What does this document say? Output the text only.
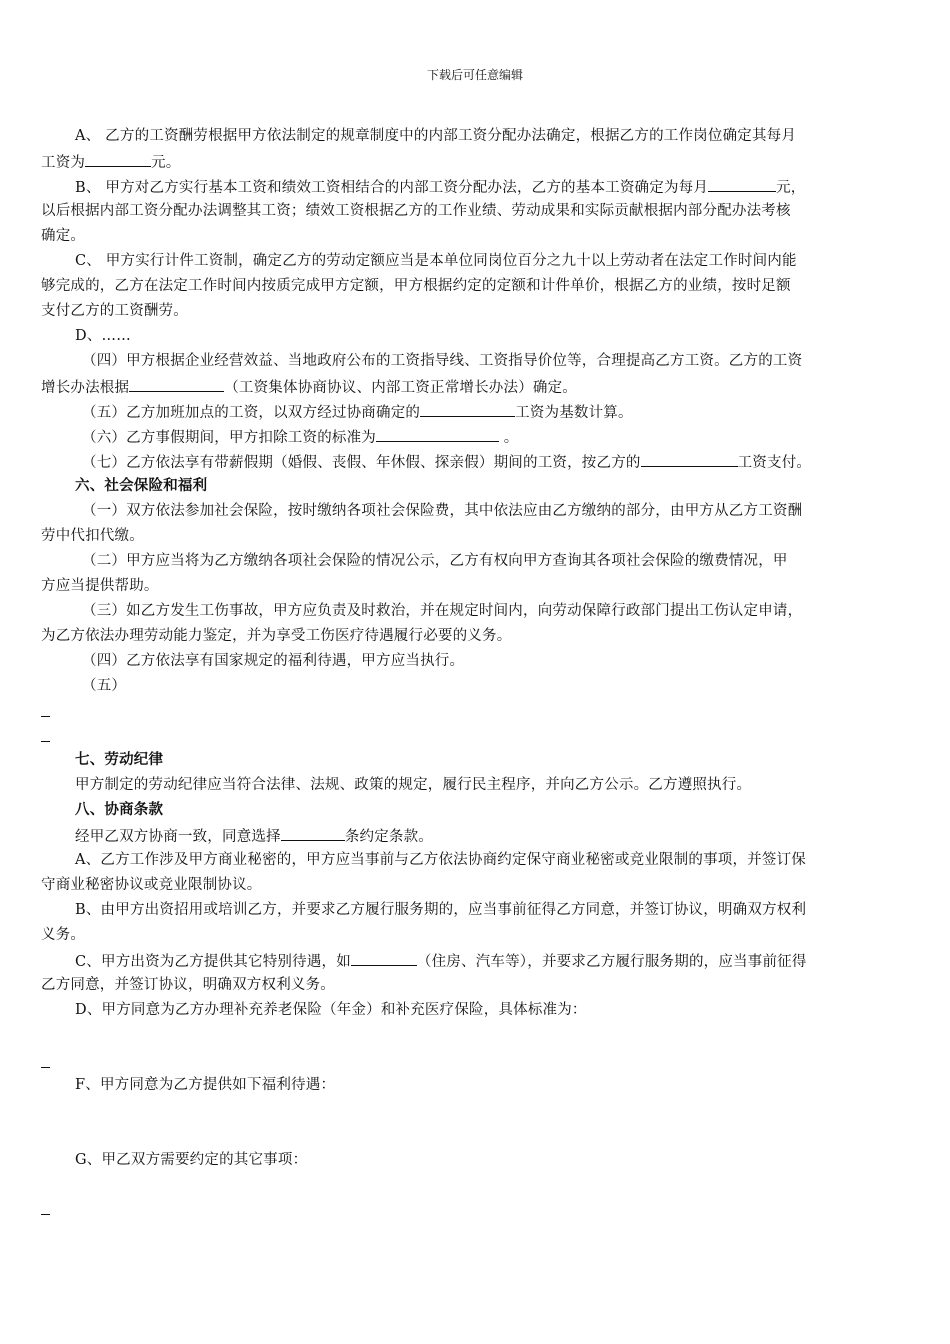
下载后可任意编辑
A、 乙方的工资酬劳根据甲方依法制定的规章制度中的内部工资分配办法确定，根据乙方的工作岗位确定其每月
工资为	元。
B、 甲方对乙方实行基本工资和绩效工资相结合的内部工资分配办法，乙方的基本工资确定为每月	元，
以后根据内部工资分配办法调整其工资；绩效工资根据乙方的工作业绩、劳动成果和实际贡献根据内部分配办法考核
确定。
C、 甲方实行计件工资制，确定乙方的劳动定额应当是本单位同岗位百分之九十以上劳动者在法定工作时间内能
够完成的，乙方在法定工作时间内按质完成甲方定额，甲方根据约定的定额和计件单价，根据乙方的业绩，按时足额
支付乙方的工资酬劳。
D、……
（四）甲方根据企业经营效益、当地政府公布的工资指导线、工资指导价位等，合理提高乙方工资。乙方的工资
增长办法根据	（工资集体协商协议、内部工资正常增长办法）确定。
（五）乙方加班加点的工资，以双方经过协商确定的	工资为基数计算。
（六）乙方事假期间，甲方扣除工资的标准为	。
（七）乙方依法享有带薪假期（婚假、丧假、年休假、探亲假）期间的工资，按乙方的	工资支付。
六、社会保险和福利
（一）双方依法参加社会保险，按时缴纳各项社会保险费，其中依法应由乙方缴纳的部分，由甲方从乙方工资酬
劳中代扣代缴。
（二）甲方应当将为乙方缴纳各项社会保险的情况公示，乙方有权向甲方查询其各项社会保险的缴费情况，甲
方应当提供帮助。
（三）如乙方发生工伤事故，甲方应负责及时救治，并在规定时间内，向劳动保障行政部门提出工伤认定申请，
为乙方依法办理劳动能力鉴定，并为享受工伤医疗待遇履行必要的义务。
（四）乙方依法享有国家规定的福利待遇，甲方应当执行。
（五）
七、劳动纪律
甲方制定的劳动纪律应当符合法律、法规、政策的规定，履行民主程序，并向乙方公示。乙方遵照执行。
八、协商条款
经甲乙双方协商一致，同意选择	条约定条款。
A、乙方工作涉及甲方商业秘密的，甲方应当事前与乙方依法协商约定保守商业秘密或竞业限制的事项，并签订保
守商业秘密协议或竞业限制协议。
B、由甲方出资招用或培训乙方，并要求乙方履行服务期的，应当事前征得乙方同意，并签订协议，明确双方权利
义务。
C、甲方出资为乙方提供其它特别待遇，如	（住房、汽车等），并要求乙方履行服务期的，应当事前征得
乙方同意，并签订协议，明确双方权利义务。
D、甲方同意为乙方办理补充养老保险（年金）和补充医疗保险，具体标准为：
F、甲方同意为乙方提供如下福利待遇：
G、甲乙双方需要约定的其它事项：
